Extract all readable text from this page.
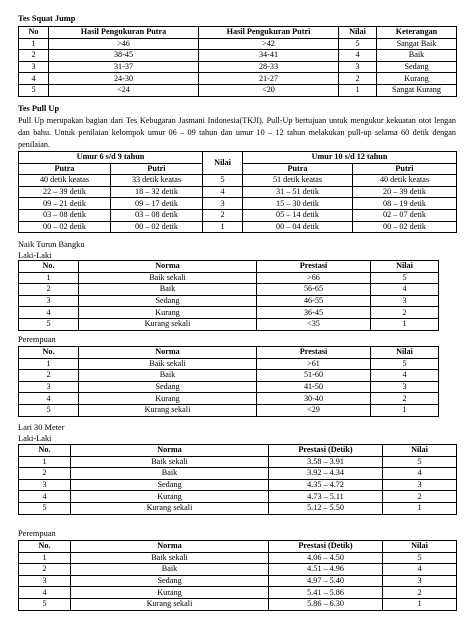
Tes Squat Jump
No	Hasil Pengukuran Putra	Hasil Pengukuran Putri	Nilai	Keterangan
1	>46	>42	5	Sangat Baik
2	38-45	34-41	4	Baik
3	31-37	28-33	3	Sedang
4	24-30	21-27	2	Kurang
5	<24	<20	1	Sangat Kurang
Tes Pull Up
Pull Up merupakan bagian dari Tes Kebugaran Jasmani Indonesia(TKJI). Pull-Up bertujuan untuk mengukur kekuatan otot lengan dan bahu. Untuk penilaian kelompok umur 06 – 09 tahun dan umur 10 – 12 tahun melakukan pull-up selama 60 detik dengan penilaian.
Umur 6 s/d 9 tahun		Nilai	Umur 10 s/d 12 tahun	
Putra	Putri		Putra	Putri
40 detik keatas	33 detik keatas	5	51 detik keatas	40 detik keatas
22 – 39 detik	18 – 32 detik	4	31 – 51 detik	20 – 39 detik
09 – 21 detik	09 – 17 detik	3	15 – 30 detik	08 – 19 detik
03 – 08 detik	03 – 08 detik	2	05 – 14 detik	02 – 07 detik
00 – 02 detik	00 – 02 detik	1	00 – 04 detik	00 – 02 detik
Naik Turun Bangku
Laki-Laki
No.	Norma	Prestasi	Nilai
1	Baik sekali	>66	5
2	Baik	56-65	4
3	Sedang	46-55	3
4	Kurang	36-45	2
5	Kurang sekali	<35	1
Perempuan
No.	Norma	Prestasi	Nilai
1	Baik sekali	>61	5
2	Baik	51-60	4
3	Sedang	41-50	3
4	Kurang	30-40	2
5	Kurang sekali	<29	1
Lari 30 Meter
Laki-Laki
No.	Norma	Prestasi (Detik)	Nilai
1	Baik sekali	3.58 – 3.91	5
2	Baik	3.92 – 4.34	4
3	Sedang	4.35 – 4.72	3
4	Kurang	4.73 – 5.11	2
5	Kurang sekali	5.12 – 5.50	1
Perempuan
No.	Norma	Prestasi (Detik)	Nilai
1	Baik sekali	4.06 – 4.50	5
2	Baik	4.51 – 4.96	4
3	Sedang	4.97 – 5.40	3
4	Kurang	5.41 – 5.86	2
5	Kurang sekali	5.86 – 6.30	1
